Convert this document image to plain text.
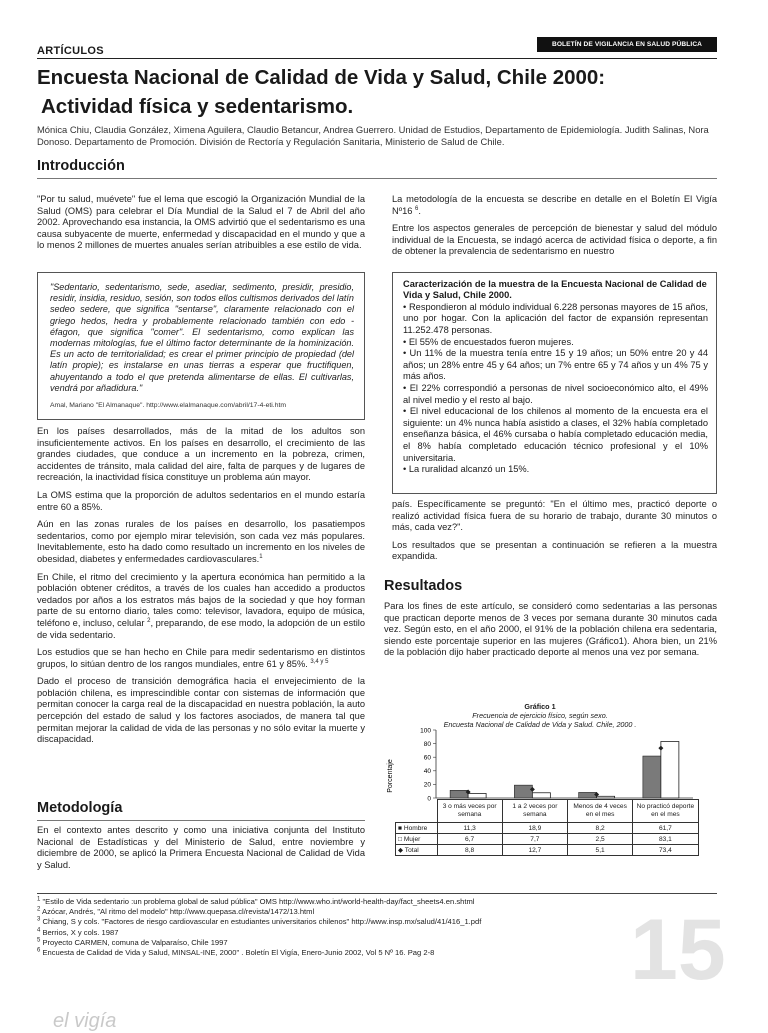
ARTÍCULOS
BOLETÍN DE VIGILANCIA EN SALUD PÚBLICA
Encuesta Nacional de Calidad de Vida y Salud, Chile 2000:
Actividad física y sedentarismo.
Mónica Chiu, Claudia González, Ximena Aguilera, Claudio Betancur, Andrea Guerrero. Unidad de Estudios, Departamento de Epidemiología. Judith Salinas, Nora Donoso. Departamento de Promoción. División de Rectoría y Regulación Sanitaria, Ministerio de Salud de Chile.
Introducción

"Por tu salud, muévete" fue el lema que escogió la Organización Mundial de la Salud (OMS) para celebrar el Día Mundial de la Salud el 7 de Abril del año 2002. Aprovechando esa instancia, la OMS advirtió que el sedentarismo es una causa subyacente de muerte, enfermedad y discapacidad en el mundo y que a lo menos 2 millones de muertes anuales serían atribuibles a ese estilo de vida.

"Sedentario, sedentarismo, sede, asediar, sedimento, presidir, presidio, residir, insidia, residuo, sesión, son todos ellos cultismos derivados del latín sedeo sedere, que significa "sentarse", claramente relacionado con el griego hedos, hedra y probablemente relacionado también con edo - éfagon, que significa "comer". El sedentarismo, como explican las modernas mitologías, fue el último factor determinante de la hominización. Es un acto de territorialidad; es crear el primer principio de propiedad (del latín propie); es instalarse en unas tierras a esperar que fructifiquen, ahuyentando a todo el que pretenda alimentarse de ellas. El cultivarlas, vendrá por añadidura."
Amal, Mariano "El Almanaque". http://www.elalmanaque.com/abril/17-4-eti.htm

En los países desarrollados, más de la mitad de los adultos son insuficientemente activos. En los países en desarrollo, el crecimiento de las grandes ciudades, que conduce a un incremento en la pobreza, crimen, accidentes de tránsito, mala calidad del aire, falta de parques y de lugares de recreación, la inactividad física constituye un problema aún mayor.

La OMS estima que la proporción de adultos sedentarios en el mundo estaría entre 60 a 85%.

Aún en las zonas rurales de los países en desarrollo, los pasatiempos sedentarios, como por ejemplo mirar televisión, son cada vez más populares. Inevitablemente, esto ha dado como resultado un incremento en los niveles de obesidad, diabetes y enfermedades cardiovasculares.$^1$

En Chile, el ritmo del crecimiento y la apertura económica han permitido a la población obtener créditos, a través de los cuales han accedido a productos vedados por años a los estratos más bajos de la sociedad y que hoy forman parte de su entorno diario, tales como: televisor, lavadora, equipo de música, teléfono e, incluso, celular $^2$, preparando, de ese modo, la adopción de un estilo de vida sedentario.

Los estudios que se han hecho en Chile para medir sedentarismo en distintos grupos, lo sitúan dentro de los rangos mundiales, entre 61 y 85%. $^{3,4 y 5}$

Dado el proceso de transición demográfica hacia el envejecimiento de la población chilena, es imprescindible contar con sistemas de información que permitan conocer la carga real de la discapacidad en nuestra población, la auto percepción del estado de salud y los factores asociados, de manera tal que permitan mejorar la calidad de vida de las personas y no sólo evitar la muerte y discapacidad.

Metodología

En el contexto antes descrito y como una iniciativa conjunta del Instituto Nacional de Estadísticas y del Ministerio de Salud, entre noviembre y diciembre de 2000, se aplicó la Primera Encuesta Nacional de Calidad de Vida y Salud.

La metodología de la encuesta se describe en detalle en el Boletín El Vigía Nº16 $^6$.

Entre los aspectos generales de percepción de bienestar y salud del módulo individual de la Encuesta, se indagó acerca de actividad física o deporte, a fin de obtener la prevalencia de sedentarismo en nuestro

Caracterización de la muestra de la Encuesta Nacional de Calidad de Vida y Salud, Chile 2000.
• Respondieron al módulo individual 6.228 personas mayores de 15 años, uno por hogar. Con la aplicación del factor de expansión representan 11.252.478 personas.
• El 55% de encuestados fueron mujeres.
• Un 11% de la muestra tenía entre 15 y 19 años; un 50% entre 20 y 44 años; un 28% entre 45 y 64 años; un 7% entre 65 y 74 años y un 4% 75 y más años.
• El 22% correspondió a personas de nivel socioeconómico alto, el 49% al nivel medio y el resto al bajo.
• El nivel educacional de los chilenos al momento de la encuesta era el siguiente: un 4% nunca había asistido a clases, el 32% había completado enseñanza básica, el 46% cursaba o había completado educación media, el 8% había completado educación técnico profesional y el 10% universitaria.
• La ruralidad alcanzó un 15%.

país. Específicamente se preguntó: "En el último mes, practicó deporte o realizó actividad física fuera de su horario de trabajo, durante 30 minutos o más, cada vez?".

Los resultados que se presentan a continuación se refieren a la muestra expandida.

Resultados

Para los fines de este artículo, se consideró como sedentarias a las personas que practican deporte menos de 3 veces por semana durante 30 minutos cada vez. Según esto, en el año 2000, el 91% de la población chilena era sedentaria, siendo este porcentaje superior en las mujeres (Gráfico1). Ahora bien, un 21% de la población dijo haber practicado deporte al menos una vez por semana.

Gráfico 1
Frecuencia de ejercicio físico, según sexo.
Encuesta Nacional de Calidad de Vida y Salud. Chile, 2000 .
Porcentaje
0
20
40
60
80
100
	3 o más veces por semana	1 a 2 veces por semana	Menos de 4 veces en el mes	No practicó deporte en el mes
■ Hombre	11,3	18,9	8,2	61,7
□ Mujer	6,7	7,7	2,5	83,1
◆ Total	8,8	12,7	5,1	73,4
$^1$ "Estilo de Vida sedentario :un problema global de salud pública" OMS http://www.who.int/world-health-day/fact_sheets4.en.shtml
$^2$ Azócar, Andrés, "Al ritmo del modelo" http://www.quepasa.cl/revista/1472/13.html
$^3$ Chiang, S y cols. "Factores de riesgo cardiovascular en estudiantes universitarios chilenos" http://www.insp.mx/salud/41/416_1.pdf
$^4$ Berrios, X y cols. 1987
$^5$ Proyecto CARMEN, comuna de Valparaíso, Chile 1997
$^6$ Encuesta de Calidad de Vida y Salud, MINSAL-INE, 2000" . Boletín El Vigía, Enero-Junio 2002, Vol 5 Nº 16. Pag 2-8	15
el vigía
